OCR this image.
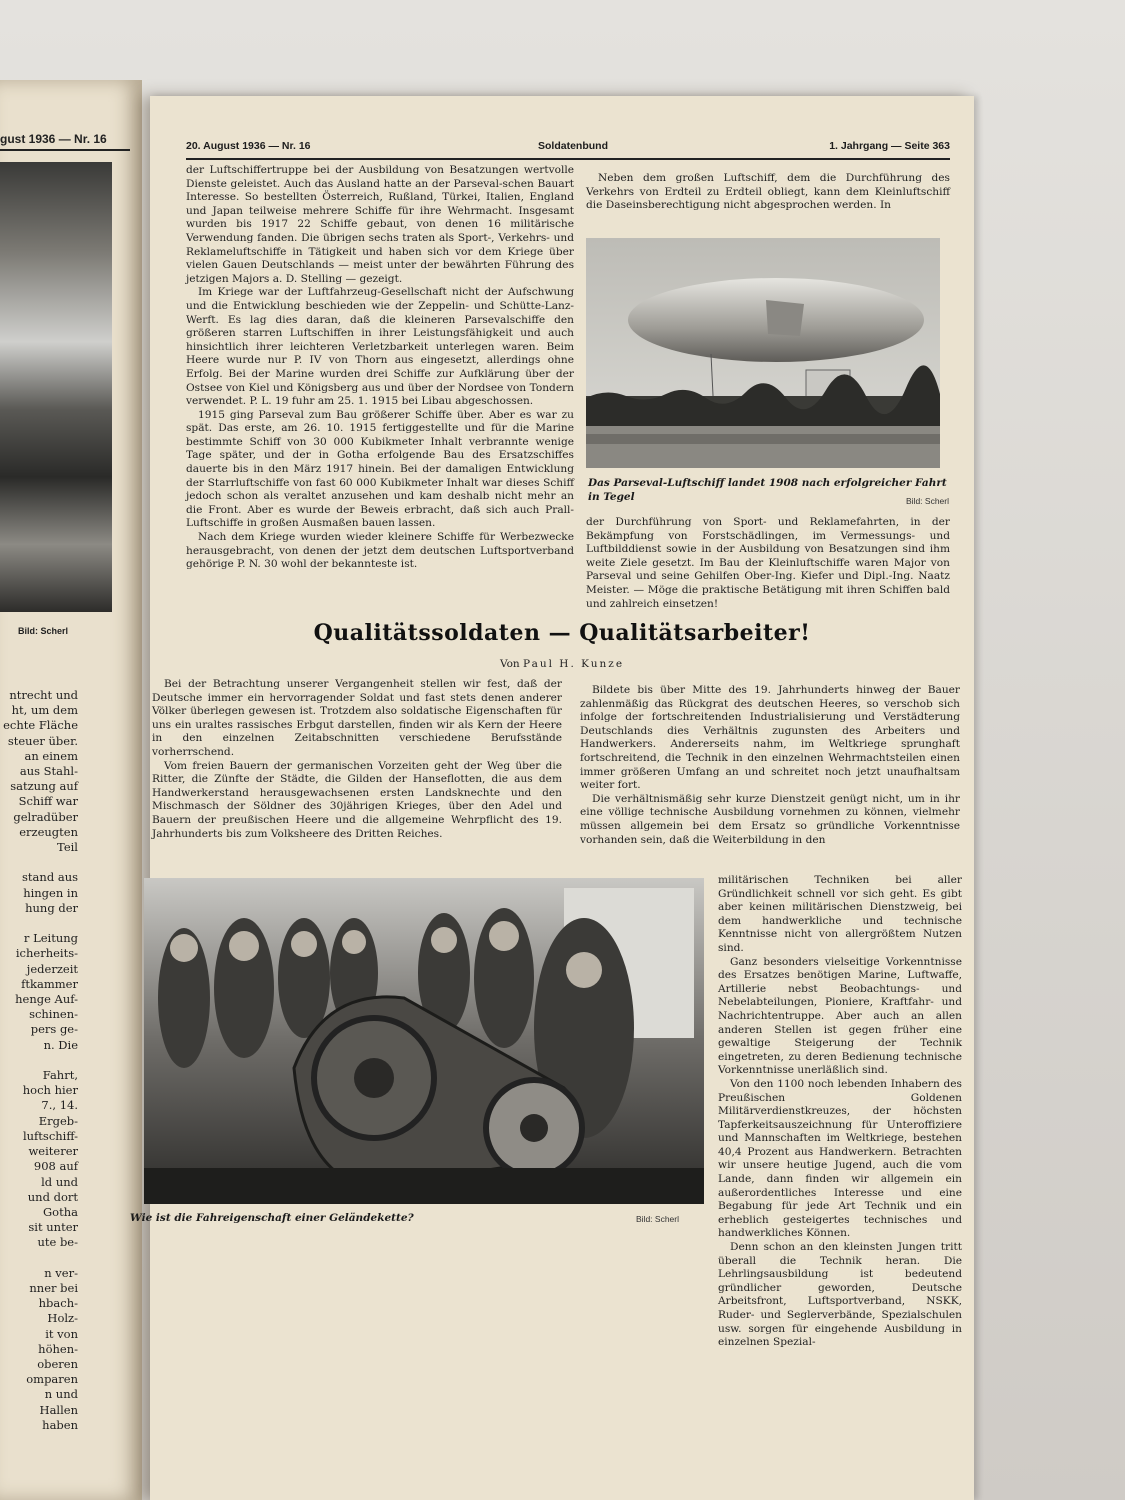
gust 1936 — Nr. 16
Bild: Scherl
ntrecht und
ht, um dem
echte Fläche
steuer über.
an einem
aus Stahl-
satzung auf
Schiff war
gelradüber
erzeugten Teil

stand aus
hingen in
hung der

r Leitung
icherheits-
jederzeit
ftkammer
henge Auf-
schinen-
pers ge-
n. Die

Fahrt,
hoch hier
7., 14.
Ergeb-
luftschiff-
weiterer
908 auf
ld und
und dort
Gotha
sit unter
ute be-

n ver-
nner bei
hbach-
Holz-
it von
höhen-
oberen
omparen
n und
Hallen
haben
20. August 1936 — Nr. 16	Soldatenbund	1. Jahrgang — Seite 363

der Luftschiffertruppe bei der Ausbildung von Besatzungen wertvolle Dienste geleistet. Auch das Ausland hatte an der Parseval-schen Bauart Interesse. So bestellten Österreich, Rußland, Türkei, Italien, England und Japan teilweise mehrere Schiffe für ihre Wehrmacht. Insgesamt wurden bis 1917 22 Schiffe gebaut, von denen 16 militärische Verwendung fanden. Die übrigen sechs traten als Sport-, Verkehrs- und Reklameluftschiffe in Tätigkeit und haben sich vor dem Kriege über vielen Gauen Deutschlands — meist unter der bewährten Führung des jetzigen Majors a. D. Stelling — gezeigt.

Im Kriege war der Luftfahrzeug-Gesellschaft nicht der Aufschwung und die Entwicklung beschieden wie der Zeppelin- und Schütte-Lanz-Werft. Es lag dies daran, daß die kleineren Parsevalschiffe den größeren starren Luftschiffen in ihrer Leistungsfähigkeit und auch hinsichtlich ihrer leichteren Verletzbarkeit unterlegen waren. Beim Heere wurde nur P. IV von Thorn aus eingesetzt, allerdings ohne Erfolg. Bei der Marine wurden drei Schiffe zur Aufklärung über der Ostsee von Kiel und Königsberg aus und über der Nordsee von Tondern verwendet. P. L. 19 fuhr am 25. 1. 1915 bei Libau abgeschossen.

1915 ging Parseval zum Bau größerer Schiffe über. Aber es war zu spät. Das erste, am 26. 10. 1915 fertiggestellte und für die Marine bestimmte Schiff von 30 000 Kubikmeter Inhalt verbrannte wenige Tage später, und der in Gotha erfolgende Bau des Ersatzschiffes dauerte bis in den März 1917 hinein. Bei der damaligen Entwicklung der Starrluftschiffe von fast 60 000 Kubikmeter Inhalt war dieses Schiff jedoch schon als veraltet anzusehen und kam deshalb nicht mehr an die Front. Aber es wurde der Beweis erbracht, daß sich auch Prall-Luftschiffe in großen Ausmaßen bauen lassen.

Nach dem Kriege wurden wieder kleinere Schiffe für Werbezwecke herausgebracht, von denen der jetzt dem deutschen Luftsportverband gehörige P. N. 30 wohl der bekannteste ist.

Neben dem großen Luftschiff, dem die Durchführung des Verkehrs von Erdteil zu Erdteil obliegt, kann dem Kleinluftschiff die Daseinsberechtigung nicht abgesprochen werden. In

Das Parseval-Luftschiff landet 1908 nach erfolgreicher Fahrt in Tegel	Bild: Scherl

der Durchführung von Sport- und Reklamefahrten, in der Bekämpfung von Forstschädlingen, im Vermessungs- und Luftbilddienst sowie in der Ausbildung von Besatzungen sind ihm weite Ziele gesetzt. Im Bau der Kleinluftschiffe waren Major von Parseval und seine Gehilfen Ober-Ing. Kiefer und Dipl.-Ing. Naatz Meister. — Möge die praktische Betätigung mit ihren Schiffen bald und zahlreich einsetzen!

Qualitätssoldaten — Qualitätsarbeiter!
Von Paul H. Kunze

Bei der Betrachtung unserer Vergangenheit stellen wir fest, daß der Deutsche immer ein hervorragender Soldat und fast stets denen anderer Völker überlegen gewesen ist. Trotzdem also soldatische Eigenschaften für uns ein uraltes rassisches Erbgut darstellen, finden wir als Kern der Heere in den einzelnen Zeitabschnitten verschiedene Berufsstände vorherrschend.

Vom freien Bauern der germanischen Vorzeiten geht der Weg über die Ritter, die Zünfte der Städte, die Gilden der Hanseflotten, die aus dem Handwerkerstand herausgewachsenen ersten Landsknechte und den Mischmasch der Söldner des 30jährigen Krieges, über den Adel und Bauern der preußischen Heere und die allgemeine Wehrpflicht des 19. Jahrhunderts bis zum Volksheere des Dritten Reiches.

Bildete bis über Mitte des 19. Jahrhunderts hinweg der Bauer zahlenmäßig das Rückgrat des deutschen Heeres, so verschob sich infolge der fortschreitenden Industrialisierung und Verstädterung Deutschlands dies Verhältnis zugunsten des Arbeiters und Handwerkers. Andererseits nahm, im Weltkriege sprunghaft fortschreitend, die Technik in den einzelnen Wehrmachtsteilen einen immer größeren Umfang an und schreitet noch jetzt unaufhaltsam weiter fort.

Die verhältnismäßig sehr kurze Dienstzeit genügt nicht, um in ihr eine völlige technische Ausbildung vornehmen zu können, vielmehr müssen allgemein bei dem Ersatz so gründliche Vorkenntnisse vorhanden sein, daß die Weiterbildung in den

Wie ist die Fahreigenschaft einer Geländekette?	Bild: Scherl

militärischen Techniken bei aller Gründlichkeit schnell vor sich geht. Es gibt aber keinen militärischen Dienstzweig, bei dem handwerkliche und technische Kenntnisse nicht von allergrößtem Nutzen sind.

Ganz besonders vielseitige Vorkenntnisse des Ersatzes benötigen Marine, Luftwaffe, Artillerie nebst Beobachtungs- und Nebelabteilungen, Pioniere, Kraftfahr- und Nachrichtentruppe. Aber auch an allen anderen Stellen ist gegen früher eine gewaltige Steigerung der Technik eingetreten, zu deren Bedienung technische Vorkenntnisse unerläßlich sind.

Von den 1100 noch lebenden Inhabern des Preußischen Goldenen Militärverdienstkreuzes, der höchsten Tapferkeitsauszeichnung für Unteroffiziere und Mannschaften im Weltkriege, bestehen 40,4 Prozent aus Handwerkern. Betrachten wir unsere heutige Jugend, auch die vom Lande, dann finden wir allgemein ein außerordentliches Interesse und eine Begabung für jede Art Technik und ein erheblich gesteigertes technisches und handwerkliches Können.

Denn schon an den kleinsten Jungen tritt überall die Technik heran. Die Lehrlingsausbildung ist bedeutend gründlicher geworden, Deutsche Arbeitsfront, Luftsportverband, NSKK, Ruder- und Seglerverbände, Spezialschulen usw. sorgen für eingehende Ausbildung in einzelnen Spezial-
